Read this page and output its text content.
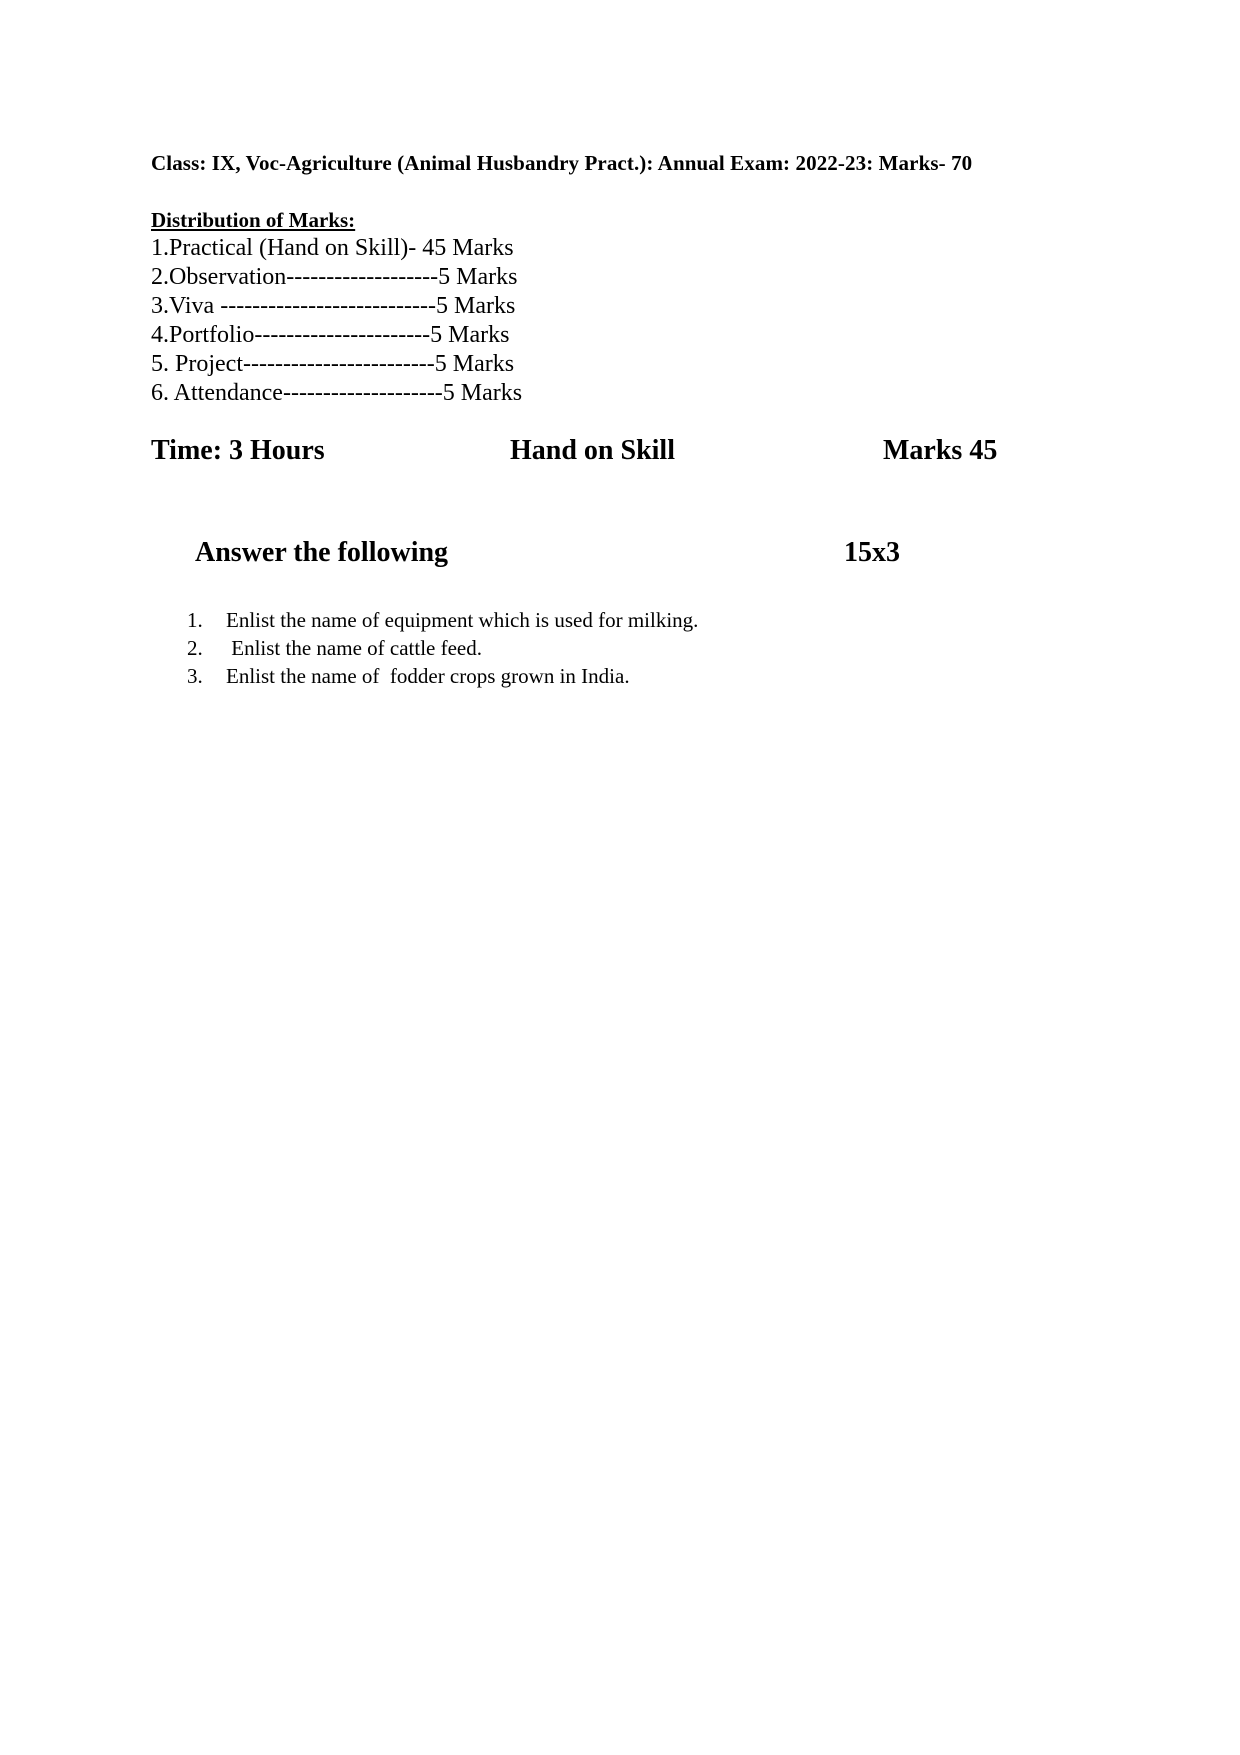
Class: IX, Voc-Agriculture (Animal Husbandry Pract.): Annual Exam: 2022-23: Marks- 70
Distribution of Marks:
1.Practical (Hand on Skill)- 45 Marks
2.Observation-------------------5 Marks
3.Viva ---------------------------5 Marks
4.Portfolio----------------------5 Marks
5. Project------------------------5 Marks
6. Attendance--------------------5 Marks
Time: 3 Hours	Hand on Skill	Marks 45
Answer the following	15x3
1.	Enlist the name of equipment which is used for milking.
2.	Enlist the name of cattle feed.
3.	Enlist the name of  fodder crops grown in India.
